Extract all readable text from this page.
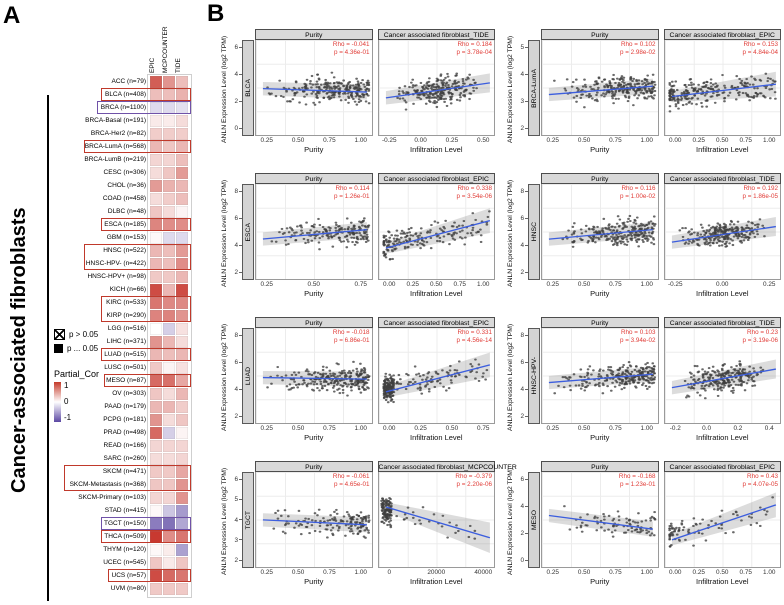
A
Cancer-associated fibroblasts	p > 0.05
p ... 0.05
Partial_Cor
1
0
-1
EPIC MCPCOUNTER TIDE
ACC (n=79)
BLCA (n=408)
BRCA (n=1100)
BRCA-Basal (n=191)
BRCA-Her2 (n=82)
BRCA-LumA (n=568)
BRCA-LumB (n=219)
CESC (n=306)
CHOL (n=36)
COAD (n=458)
DLBC (n=48)
ESCA (n=185)
GBM (n=153)
HNSC (n=522)
HNSC-HPV- (n=422)
HNSC-HPV+ (n=98)
KICH (n=66)
KIRC (n=533)
KIRP (n=290)
LGG (n=516)
LIHC (n=371)
LUAD (n=515)
LUSC (n=501)
MESO (n=87)
OV (n=303)
PAAD (n=179)
PCPG (n=181)
PRAD (n=498)
READ (n=166)
SARC (n=260)
SKCM (n=471)
SKCM-Metastasis (n=368)
SKCM-Primary (n=103)
STAD (n=415)
TGCT (n=150)
THCA (n=509)
THYM (n=120)
UCEC (n=545)
UCS (n=57)
UVM (n=80)
B
ANLN Expression Level (log2 TPM)	6
4
2
0
BLCA
Purity
Rho = -0.041
p = 4.36e-01
0.25	0.50	0.75	1.00
Purity
Cancer associated fibroblast_TIDE
Rho = 0.184
p = 3.78e-04
-0.25	0.00	0.25	0.50
Infiltration Level
ANLN Expression Level (log2 TPM)	5
4
3
2
BRCA-LumA
Purity
Rho = 0.102
p = 2.98e-02
0.25	0.50	0.75	1.00
Purity
Cancer associated fibroblast_EPIC
Rho = 0.153
p = 4.84e-04
0.00 0.25 0.50 0.75 1.00
Infiltration Level
ANLN Expression Level (log2 TPM)	8
6
4
2
ESCA
Purity
Rho = 0.114
p = 1.26e-01
0.25	0.50	0.75
Purity
Cancer associated fibroblast_EPIC
Rho = 0.338
p = 3.54e-06
0.00 0.25 0.50 0.75 1.00
Infiltration Level
ANLN Expression Level (log2 TPM)	8
6
4
2
HNSC
Purity
Rho = 0.116
p = 1.00e-02
0.25	0.50	0.75	1.00
Purity
Cancer associated fibroblast_TIDE
Rho = 0.192
p = 1.86e-05
-0.25	0.00	0.25
Infiltration Level
ANLN Expression Level (log2 TPM)	8
6
4
2
LUAD
Purity
Rho = -0.018
p = 6.86e-01
0.25	0.50	0.75	1.00
Purity
Cancer associated fibroblast_EPIC
Rho = 0.331
p = 4.56e-14
0.00	0.25	0.50	0.75
Infiltration Level
ANLN Expression Level (log2 TPM)	8
6
4
2
HNSC-HPV-
Purity
Rho = 0.103
p = 3.94e-02
0.25	0.50	0.75	1.00
Purity
Cancer associated fibroblast_TIDE
Rho = 0.23
p = 3.19e-06
-0.2	0.0	0.2	0.4
Infiltration Level
ANLN Expression Level (log2 TPM)	6
5
4
3
2
TGCT
Purity
Rho = -0.061
p = 4.65e-01
0.25	0.50	0.75	1.00
Purity
Cancer associated fibroblast_MCPCOUNTER
Rho = -0.379
p = 2.20e-06
0	20000	40000
Infiltration Level
ANLN Expression Level (log2 TPM)	6
4
2
0
MESO
Purity
Rho = -0.168
p = 1.23e-01
0.25	0.50	0.75	1.00
Purity
Cancer associated fibroblast_EPIC
Rho = 0.43
p = 4.07e-05
0.00 0.25 0.50 0.75 1.00
Infiltration Level
